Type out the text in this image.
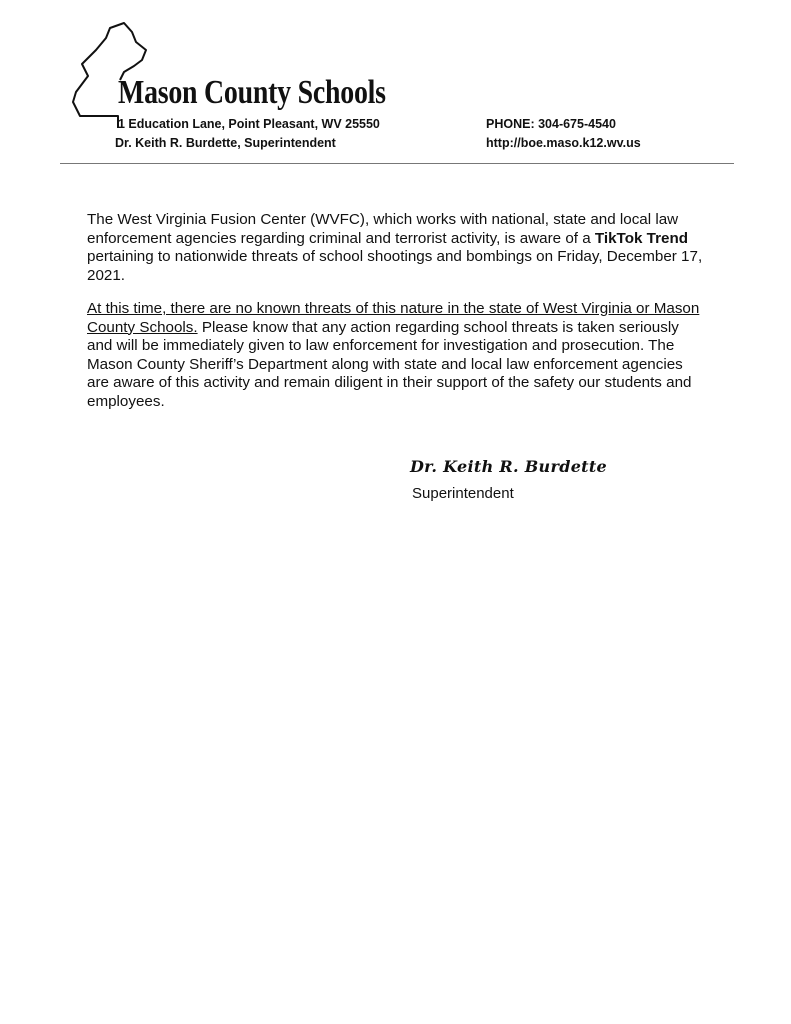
Mason County Schools
1 Education Lane, Point Pleasant, WV 25550	PHONE: 304-675-4540
Dr. Keith R. Burdette, Superintendent	http://boe.maso.k12.wv.us

The West Virginia Fusion Center (WVFC), which works with national, state and local law enforcement agencies regarding criminal and terrorist activity, is aware of a TikTok Trend pertaining to nationwide threats of school shootings and bombings on Friday, December 17, 2021.

At this time, there are no known threats of this nature in the state of West Virginia or Mason County Schools. Please know that any action regarding school threats is taken seriously and will be immediately given to law enforcement for investigation and prosecution. The Mason County Sheriff’s Department along with state and local law enforcement agencies are aware of this activity and remain diligent in their support of the safety our students and employees.

Dr. Keith R. Burdette
Superintendent
